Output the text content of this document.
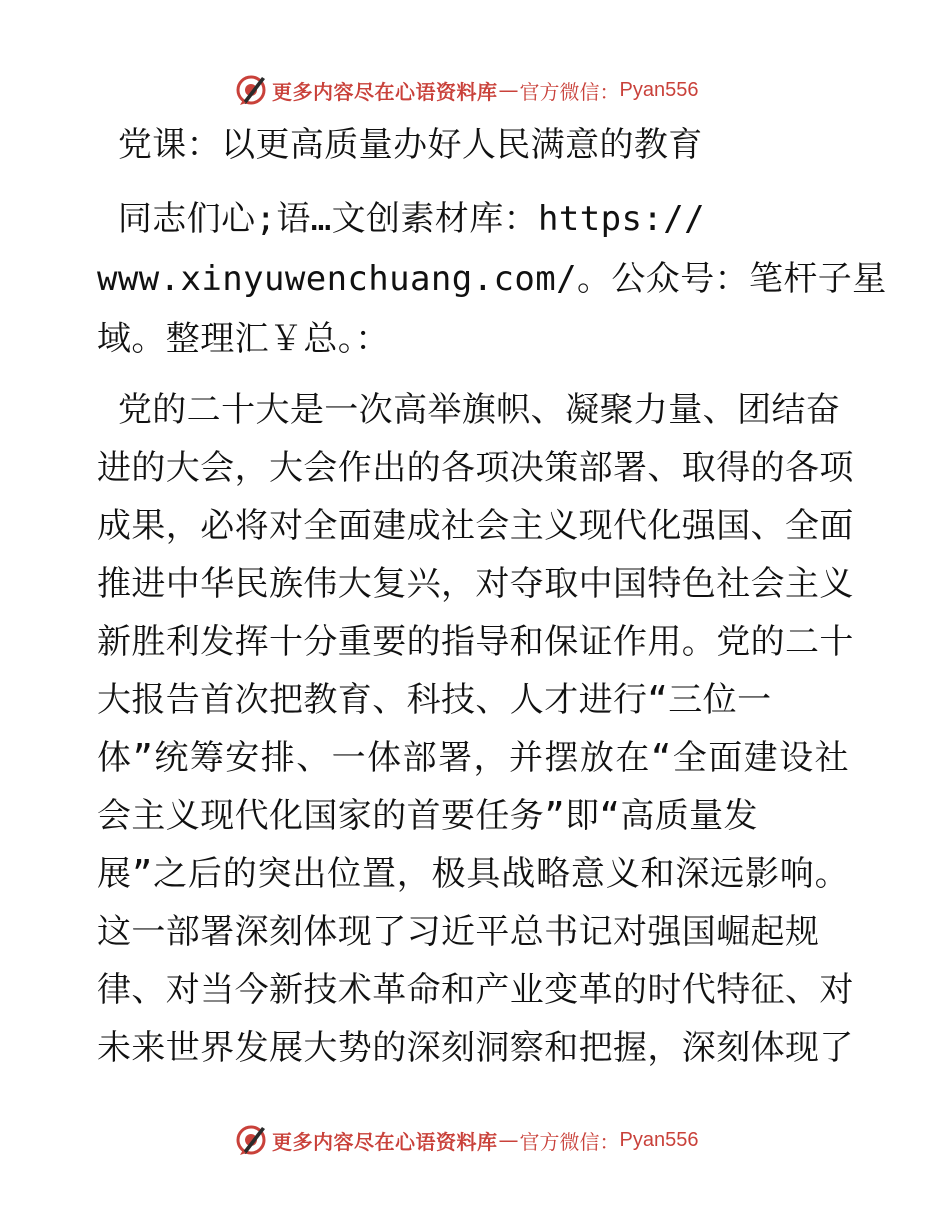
更多内容尽在心语资料库 — 官方微信： Pyan556
党课：以更高质量办好人民满意的教育
同志们心;语…文创素材库：https://
www.xinyuwenchuang.com/。公众号：笔杆子星
域。整理汇￥总。：
党的二十大是一次高举旗帜、凝聚力量、团结奋
进的大会，大会作出的各项决策部署、取得的各项
成果，必将对全面建成社会主义现代化强国、全面
推进中华民族伟大复兴，对夺取中国特色社会主义
新胜利发挥十分重要的指导和保证作用。党的二十
大报告首次把教育、科技、人才进行“三位一
体”统筹安排、一体部署，并摆放在“全面建设社
会主义现代化国家的首要任务”即“高质量发
展”之后的突出位置，极具战略意义和深远影响。
这一部署深刻体现了习近平总书记对强国崛起规
律、对当今新技术革命和产业变革的时代特征、对
未来世界发展大势的深刻洞察和把握，深刻体现了
更多内容尽在心语资料库 — 官方微信： Pyan556
